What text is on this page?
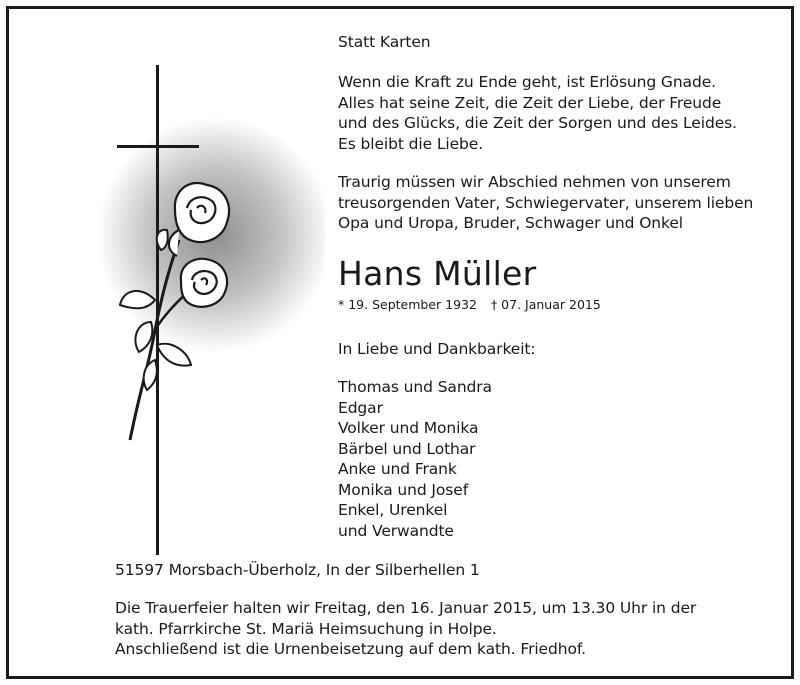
Statt Karten
Wenn die Kraft zu Ende geht, ist Erlösung Gnade.
Alles hat seine Zeit, die Zeit der Liebe, der Freude
und des Glücks, die Zeit der Sorgen und des Leides.
Es bleibt die Liebe.
Traurig müssen wir Abschied nehmen von unserem
treusorgenden Vater, Schwiegervater, unserem lieben
Opa und Uropa, Bruder, Schwager und Onkel
Hans Müller
* 19. September 1932 † 07. Januar 2015
In Liebe und Dankbarkeit:
Thomas und Sandra
Edgar
Volker und Monika
Bärbel und Lothar
Anke und Frank
Monika und Josef
Enkel, Urenkel
und Verwandte
51597 Morsbach-Überholz, In der Silberhellen 1
Die Trauerfeier halten wir Freitag, den 16. Januar 2015, um 13.30 Uhr in der
kath. Pfarrkirche St. Mariä Heimsuchung in Holpe.
Anschließend ist die Urnenbeisetzung auf dem kath. Friedhof.
